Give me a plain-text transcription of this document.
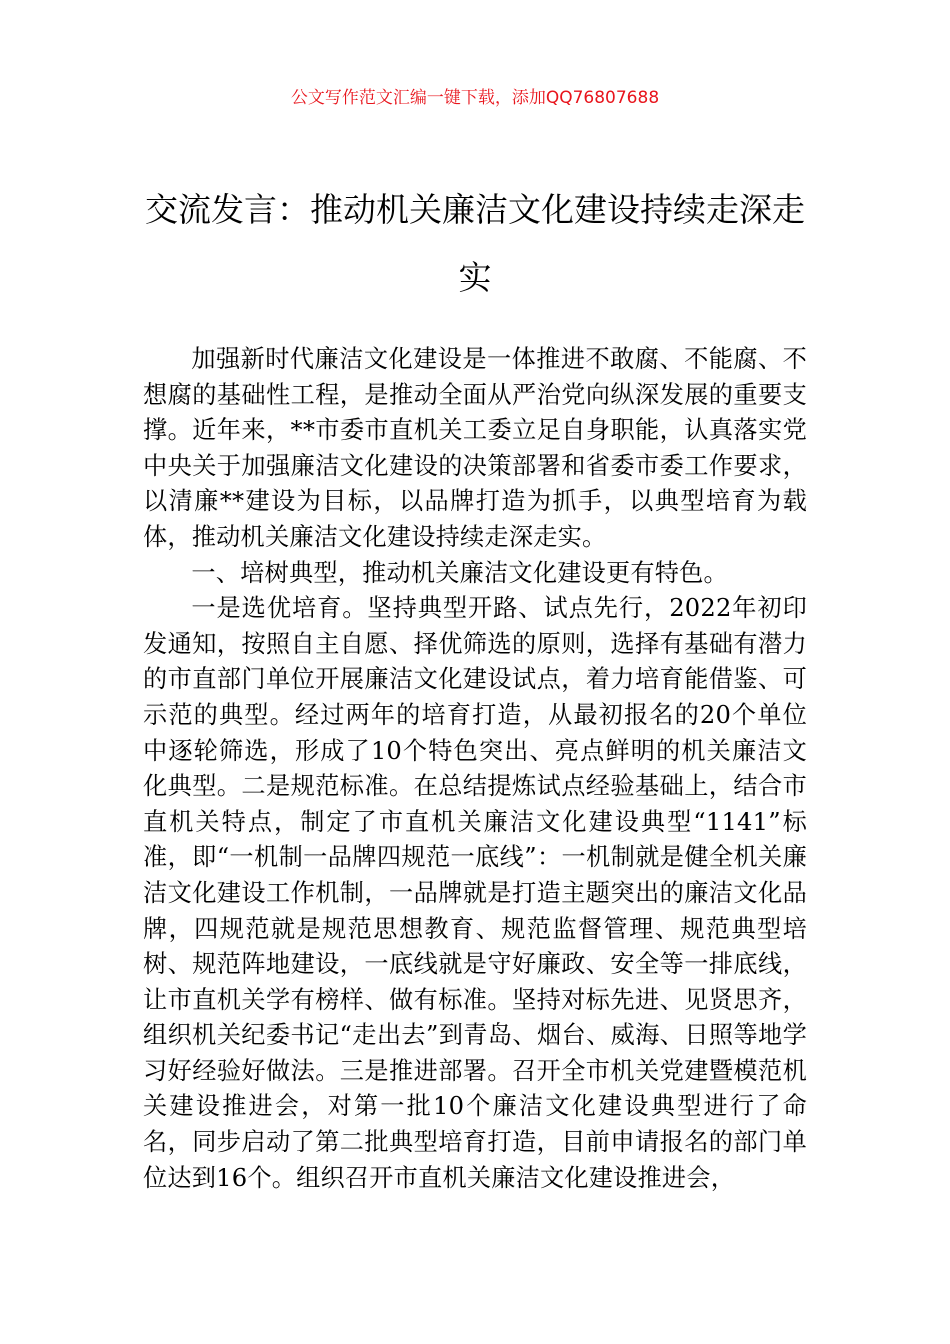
公文写作范文汇编一键下载，添加QQ76807688
交流发言：推动机关廉洁文化建设持续走深走实

加强新时代廉洁文化建设是一体推进不敢腐、不能腐、不想腐的基础性工程，是推动全面从严治党向纵深发展的重要支撑。近年来，**市委市直机关工委立足自身职能，认真落实党中央关于加强廉洁文化建设的决策部署和省委市委工作要求，以清廉**建设为目标，以品牌打造为抓手，以典型培育为载体，推动机关廉洁文化建设持续走深走实。

一、培树典型，推动机关廉洁文化建设更有特色。

一是选优培育。坚持典型开路、试点先行，2022年初印发通知，按照自主自愿、择优筛选的原则，选择有基础有潜力的市直部门单位开展廉洁文化建设试点，着力培育能借鉴、可示范的典型。经过两年的培育打造，从最初报名的20个单位中逐轮筛选，形成了10个特色突出、亮点鲜明的机关廉洁文化典型。二是规范标准。在总结提炼试点经验基础上，结合市直机关特点，制定了市直机关廉洁文化建设典型“1141”标准，即“一机制一品牌四规范一底线”：一机制就是健全机关廉洁文化建设工作机制，一品牌就是打造主题突出的廉洁文化品牌，四规范就是规范思想教育、规范监督管理、规范典型培树、规范阵地建设，一底线就是守好廉政、安全等一排底线，让市直机关学有榜样、做有标准。坚持对标先进、见贤思齐，组织机关纪委书记“走出去”到青岛、烟台、威海、日照等地学习好经验好做法。三是推进部署。召开全市机关党建暨模范机关建设推进会，对第一批10个廉洁文化建设典型进行了命名，同步启动了第二批典型培育打造，目前申请报名的部门单位达到16个。组织召开市直机关廉洁文化建设推进会，
